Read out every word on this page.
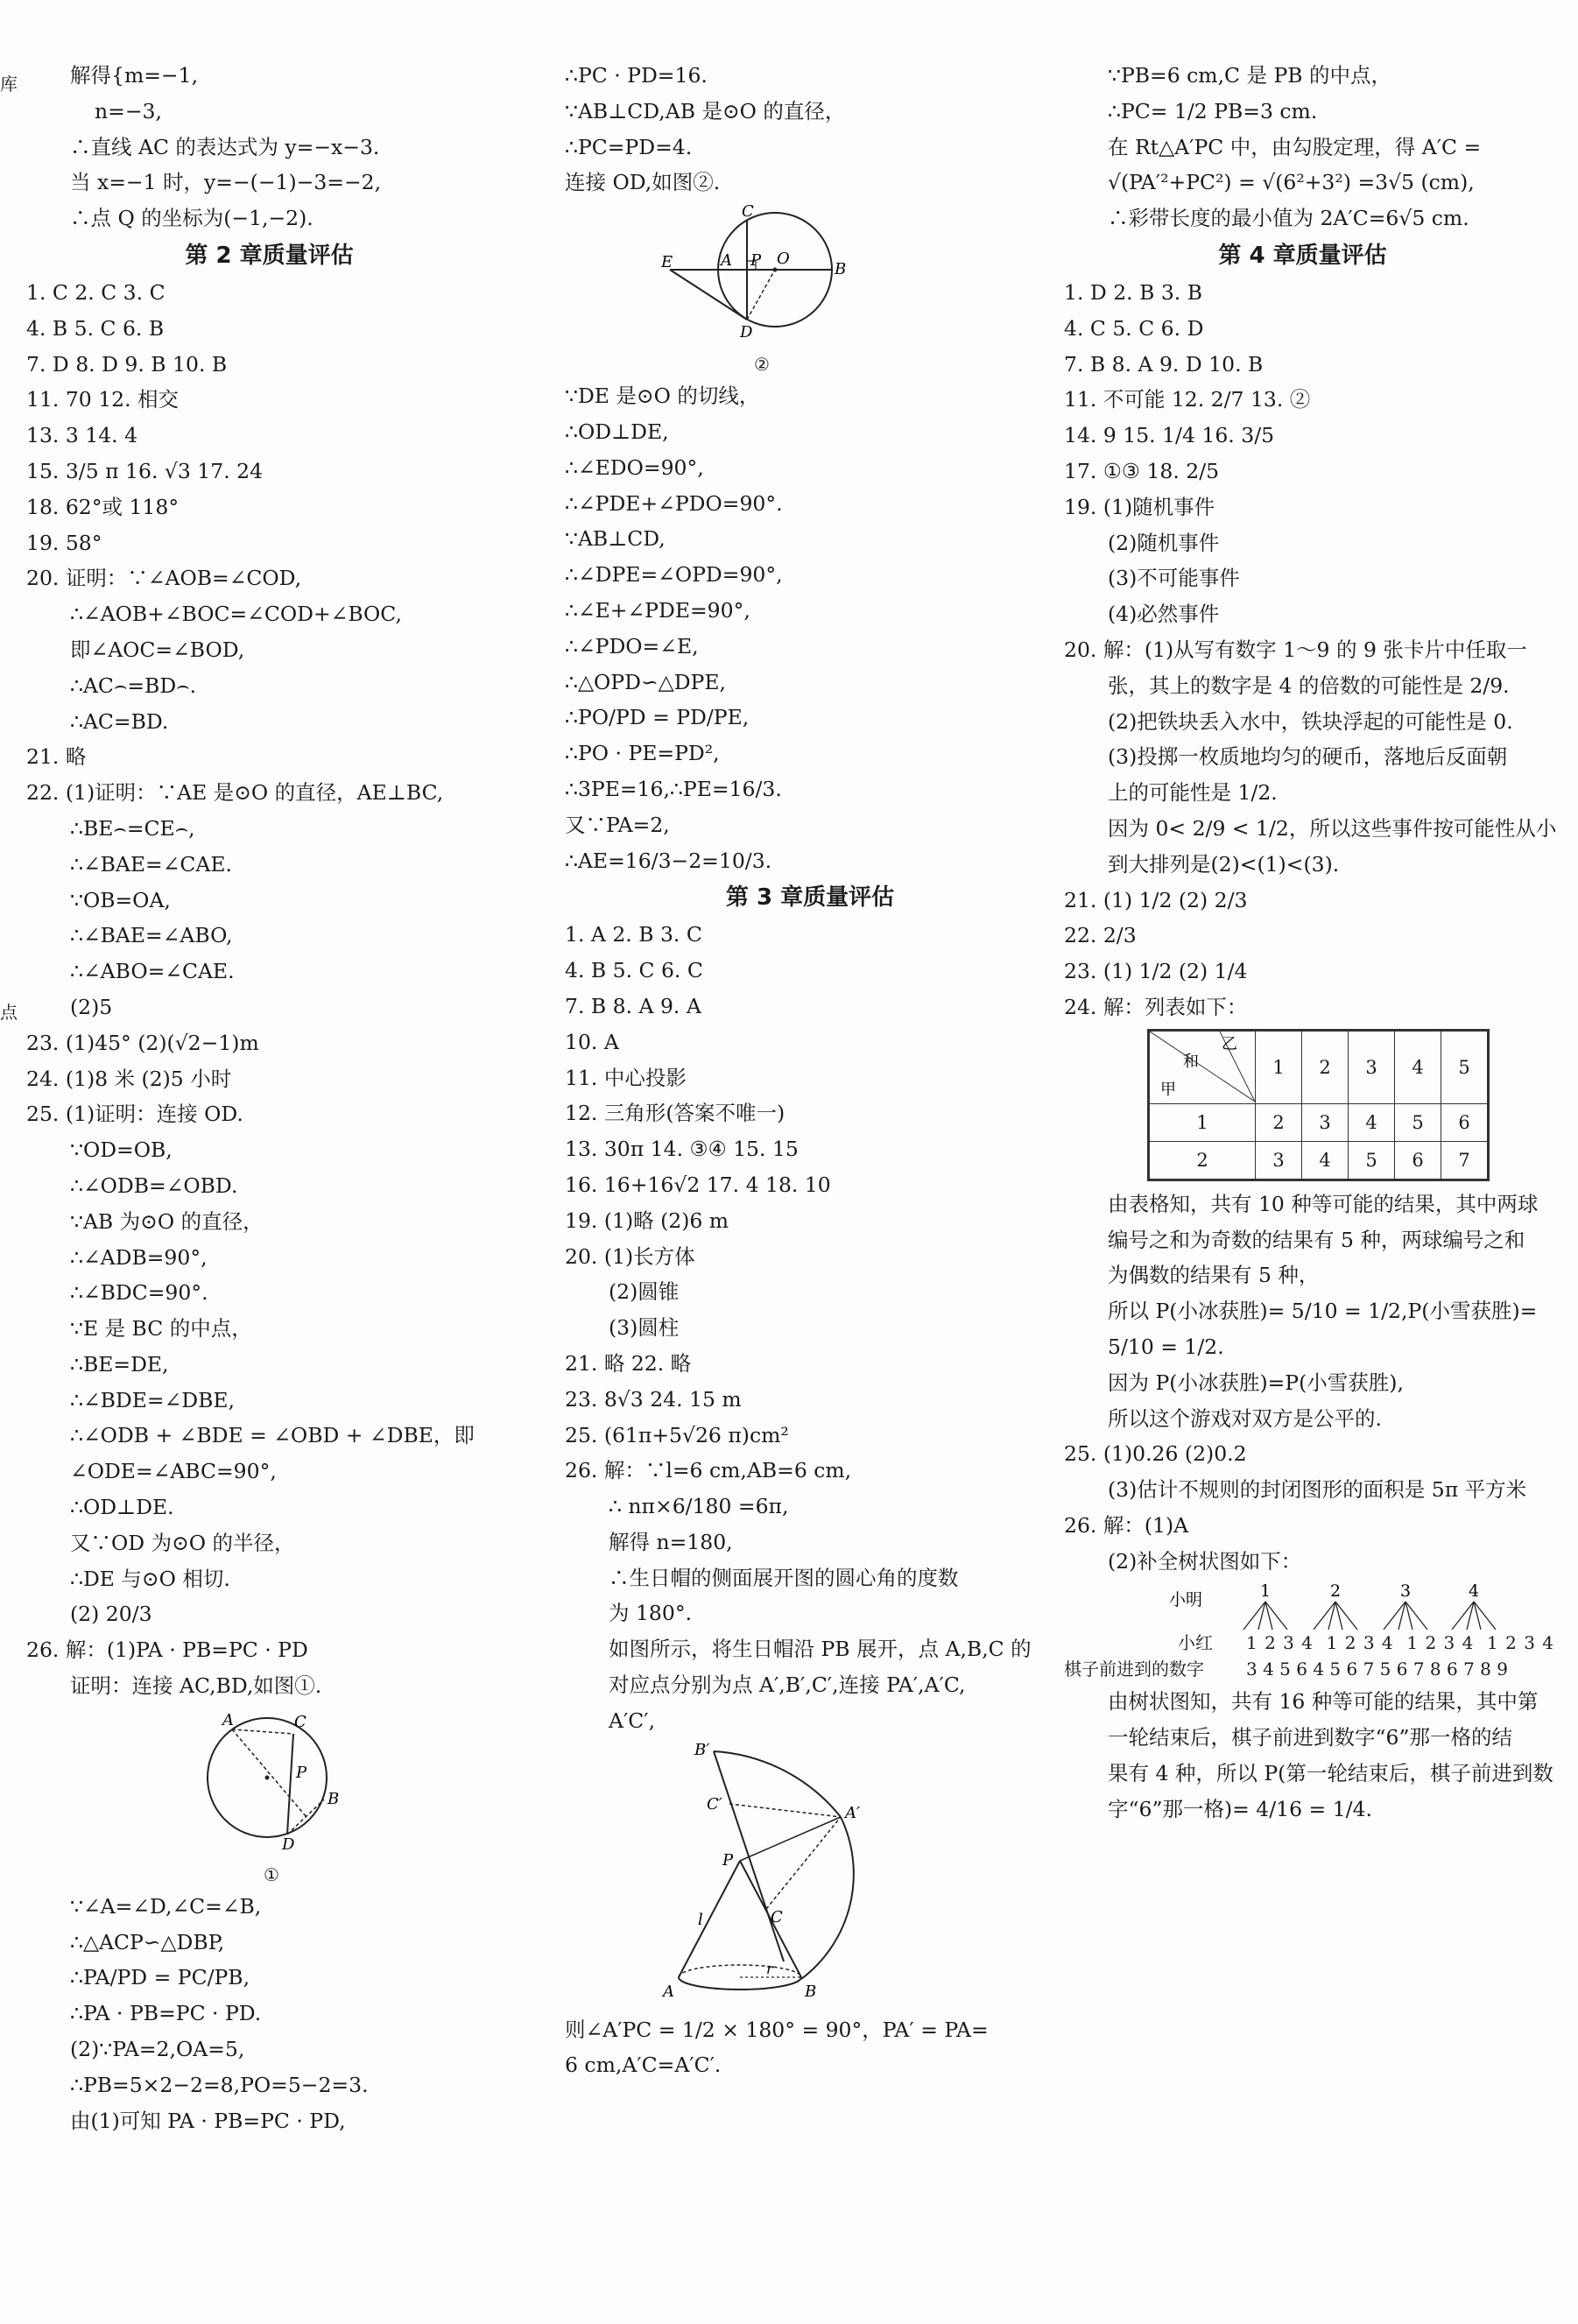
库
点
解得{m=−1,
n=−3,
∴直线 AC 的表达式为 y=−x−3.
当 x=−1 时，y=−(−1)−3=−2,
∴点 Q 的坐标为(−1,−2).
第 2 章质量评估
1. C 2. C 3. C
4. B 5. C 6. B
7. D 8. D 9. B 10. B
11. 70 12. 相交
13. 3 14. 4
15. 3/5 π 16. √3 17. 24
18. 62°或 118°
19. 58°
20. 证明：∵∠AOB=∠COD,
∴∠AOB+∠BOC=∠COD+∠BOC,
即∠AOC=∠BOD,
∴AC⌢=BD⌢.
∴AC=BD.
21. 略
22. (1)证明：∵AE 是⊙O 的直径，AE⊥BC,
∴BE⌢=CE⌢,
∴∠BAE=∠CAE.
∵OB=OA,
∴∠BAE=∠ABO,
∴∠ABO=∠CAE.
(2)5
23. (1)45° (2)(√2−1)m
24. (1)8 米 (2)5 小时
25. (1)证明：连接 OD.
∵OD=OB,
∴∠ODB=∠OBD.
∵AB 为⊙O 的直径，
∴∠ADB=90°,
∴∠BDC=90°.
∵E 是 BC 的中点，
∴BE=DE,
∴∠BDE=∠DBE,
∴∠ODB + ∠BDE = ∠OBD + ∠DBE，即
∠ODE=∠ABC=90°,
∴OD⊥DE.
又∵OD 为⊙O 的半径，
∴DE 与⊙O 相切.
(2) 20/3
26. 解：(1)PA · PB=PC · PD
证明：连接 AC,BD,如图①.
A	C
P
B
D
①
∵∠A=∠D,∠C=∠B,
∴△ACP∽△DBP,
∴PA/PD = PC/PB,
∴PA · PB=PC · PD.
(2)∵PA=2,OA=5,
∴PB=5×2−2=8,PO=5−2=3.
由(1)可知 PA · PB=PC · PD,
∴PC · PD=16.
∵AB⊥CD,AB 是⊙O 的直径，
∴PC=PD=4.
连接 OD,如图②.
C
E	A P O
B
D
②
∵DE 是⊙O 的切线，
∴OD⊥DE,
∴∠EDO=90°,
∴∠PDE+∠PDO=90°.
∵AB⊥CD,
∴∠DPE=∠OPD=90°,
∴∠E+∠PDE=90°,
∴∠PDO=∠E,
∴△OPD∽△DPE,
∴PO/PD = PD/PE,
∴PO · PE=PD²,
∴3PE=16,∴PE=16/3.
又∵PA=2,
∴AE=16/3−2=10/3.
第 3 章质量评估
1. A 2. B 3. C
4. B 5. C 6. C
7. B 8. A 9. A
10. A
11. 中心投影
12. 三角形(答案不唯一)
13. 30π 14. ③④ 15. 15
16. 16+16√2 17. 4 18. 10
19. (1)略 (2)6 m
20. (1)长方体
(2)圆锥
(3)圆柱
21. 略 22. 略
23. 8√3 24. 15 m
25. (61π+5√26 π)cm²
26. 解：∵l=6 cm,AB=6 cm,
∴ nπ×6/180 =6π,
解得 n=180,
∴生日帽的侧面展开图的圆心角的度数
为 180°.
如图所示，将生日帽沿 PB 展开，点 A,B,C 的
对应点分别为点 A′,B′,C′,连接 PA′,A′C,
A′C′,
B′
A′
C′
P
l	C
A
r
B
则∠A′PC = 1/2 × 180° = 90°，PA′ = PA=
6 cm,A′C=A′C′.
∵PB=6 cm,C 是 PB 的中点，
∴PC= 1/2 PB=3 cm.
在 Rt△A′PC 中，由勾股定理，得 A′C =
√(PA′²+PC²) = √(6²+3²) =3√5 (cm),
∴彩带长度的最小值为 2A′C=6√5 cm.
第 4 章质量评估
1. D 2. B 3. B
4. C 5. C 6. D
7. B 8. A 9. D 10. B
11. 不可能 12. 2/7 13. ②
14. 9 15. 1/4 16. 3/5
17. ①③ 18. 2/5
19. (1)随机事件
(2)随机事件
(3)不可能事件
(4)必然事件
20. 解：(1)从写有数字 1～9 的 9 张卡片中任取一
张，其上的数字是 4 的倍数的可能性是 2/9.
(2)把铁块丢入水中，铁块浮起的可能性是 0.
(3)投掷一枚质地均匀的硬币，落地后反面朝
上的可能性是 1/2.
因为 0< 2/9 < 1/2，所以这些事件按可能性从小
到大排列是(2)<(1)<(3).
21. (1) 1/2 (2) 2/3
22. 2/3
23. (1) 1/2 (2) 1/4
24. 解：列表如下：
乙
和
甲	1	2	3	4	5
1	2	3	4	5	6
2	3	4	5	6	7
由表格知，共有 10 种等可能的结果，其中两球
编号之和为奇数的结果有 5 种，两球编号之和
为偶数的结果有 5 种，
所以 P(小冰获胜)= 5/10 = 1/2,P(小雪获胜)=
5/10 = 1/2.
因为 P(小冰获胜)=P(小雪获胜),
所以这个游戏对双方是公平的.
25. (1)0.26 (2)0.2
(3)估计不规则的封闭图形的面积是 5π 平方米
26. 解：(1)A
(2)补全树状图如下：
小明	1	2	3	4
小红 1 2 3 4  1 2 3 4  1 2 3 4  1 2 3 4
棋子前进到的数字 3 4 5 6 4 5 6 7 5 6 7 8 6 7 8 9
由树状图知，共有 16 种等可能的结果，其中第
一轮结束后，棋子前进到数字“6”那一格的结
果有 4 种，所以 P(第一轮结束后，棋子前进到数
字“6”那一格)= 4/16 = 1/4.
